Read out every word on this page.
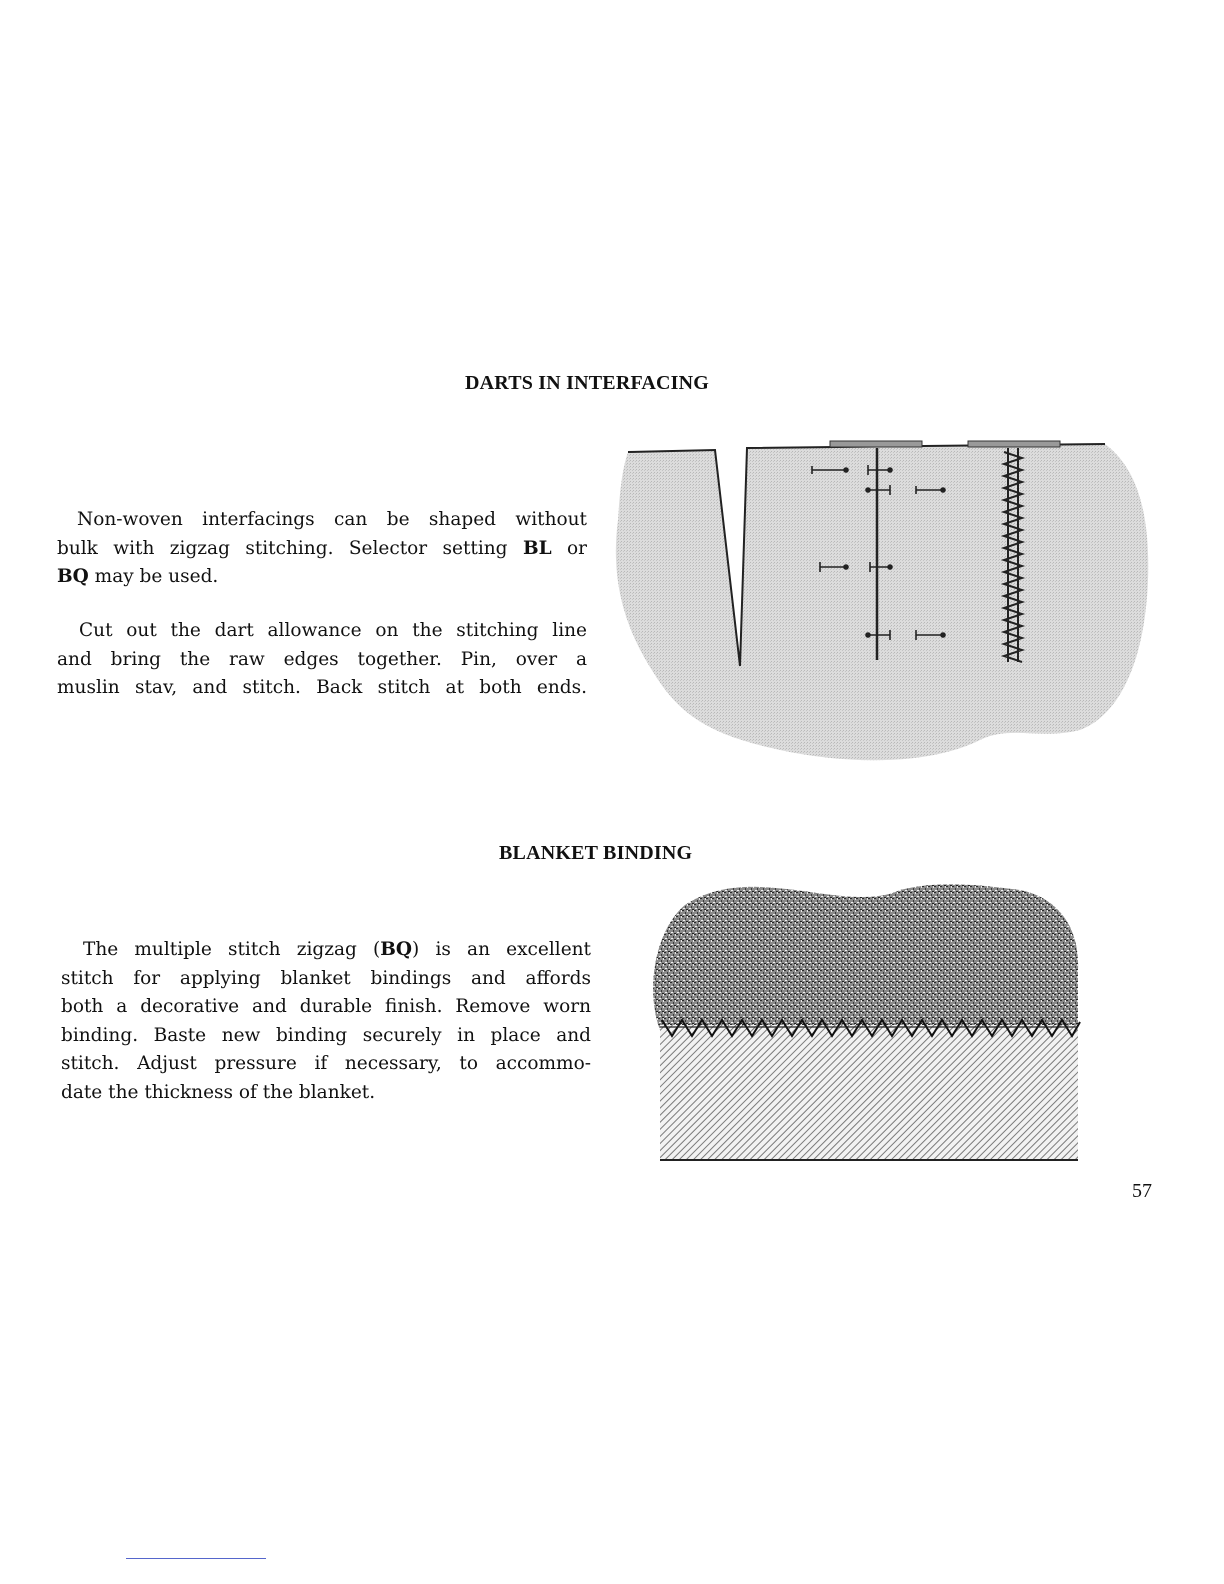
DARTS IN INTERFACING
Non-woven interfacings can be shaped without
bulk with zigzag stitching. Selector setting BL or
BQ may be used.
Cut out the dart allowance on the stitching line
and bring the raw edges together. Pin, over a
muslin stav, and stitch. Back stitch at both ends.
BLANKET BINDING
The multiple stitch zigzag (BQ) is an excellent
stitch for applying blanket bindings and affords
both a decorative and durable finish. Remove worn
binding. Baste new binding securely in place and
stitch. Adjust pressure if necessary, to accommo-
date the thickness of the blanket.
57
